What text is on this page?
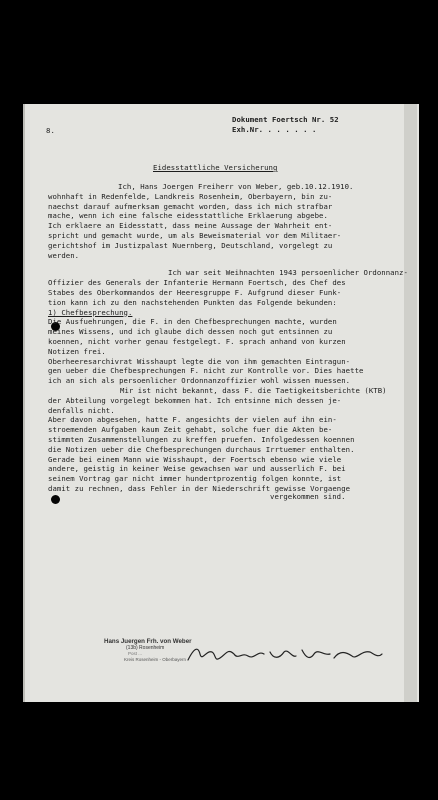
8.
Dokument Foertsch Nr. 52
Exh.Nr. . . . . . .
Eidesstattliche Versicherung
Ich, Hans Joergen Freiherr von Weber, geb.10.12.1910.
wohnhaft in Redenfelde, Landkreis Rosenheim, Oberbayern, bin zu-
naechst darauf aufmerksam gemacht worden, dass ich mich strafbar
mache, wenn ich eine falsche eidesstattliche Erklaerung abgebe.
Ich erklaere an Eidesstatt, dass meine Aussage der Wahrheit ent-
spricht und gemacht wurde, um als Beweismaterial vor dem Militaer-
gerichtshof im Justizpalast Nuernberg, Deutschland, vorgelegt zu
werden.
Ich war seit Weihnachten 1943 persoenlicher Ordonnanz-
Offizier des Generals der Infanterie Hermann Foertsch, des Chef des
Stabes des Oberkommandos der Heeresgruppe F. Aufgrund dieser Funk-
tion kann ich zu den nachstehenden Punkten das Folgende bekunden:
1) Chefbesprechung.
Die Ausfuehrungen, die F. in den Chefbesprechungen machte, wurden
meines Wissens, und ich glaube dich dessen noch gut entsinnen zu
koennen, nicht vorher genau festgelegt. F. sprach anhand von kurzen
Notizen frei.
Oberheeresarchivrat Wisshaupt legte die von ihm gemachten Eintragun-
gen ueber die Chefbesprechungen F. nicht zur Kontrolle vor. Dies haette
ich an sich als persoenlicher Ordonnanzoffizier wohl wissen muessen.
Mir ist nicht bekannt, dass F. die Taetigkeitsberichte (KTB)
der Abteilung vorgelegt bekommen hat. Ich entsinne mich dessen je-
denfalls nicht.
Aber davon abgesehen, hatte F. angesichts der vielen auf ihn ein-
stroemenden Aufgaben kaum Zeit gehabt, solche fuer die Akten be-
stimmten Zusammenstellungen zu kreffen pruefen. Infolgedessen koennen
die Notizen ueber die Chefbesprechungen durchaus Irrtuemer enthalten.
Gerade bei einem Mann wie Wisshaupt, der Foertsch ebenso wie viele
andere, geistig in keiner Weise gewachsen war und ausserlich F. bei
seinem Vortrag gar nicht immer hundertprozentig folgen konnte, ist
damit zu rechnen, dass Fehler in der Niederschrift gewisse Vorgaenge
vergekommen sind.
Hans Juergen Frh. von Weber
(13b) Rosenheim
Post ...
Kreis Rosenheim - Oberbayern
